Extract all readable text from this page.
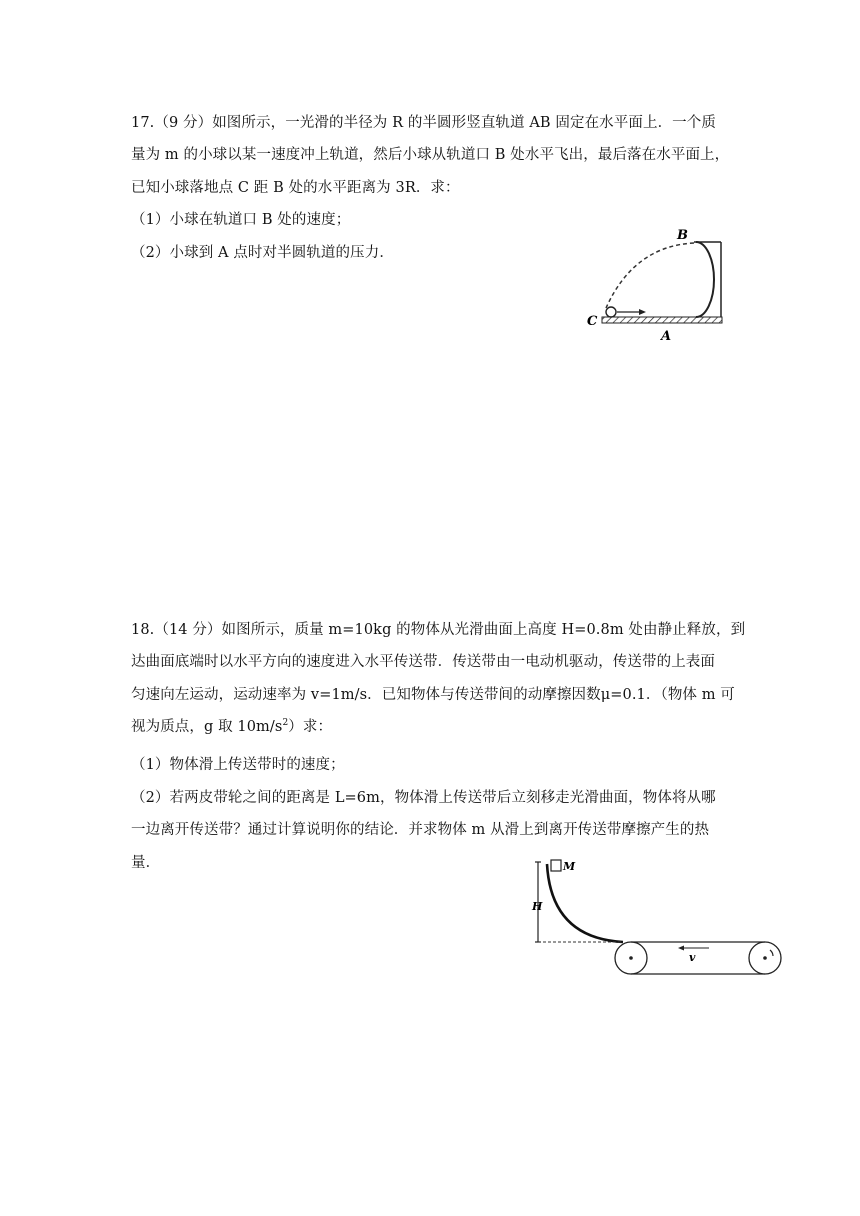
17.（9 分）如图所示，一光滑的半径为 R 的半圆形竖直轨道 AB 固定在水平面上．一个质
量为 m 的小球以某一速度冲上轨道，然后小球从轨道口 B 处水平飞出，最后落在水平面上，
已知小球落地点 C 距 B 处的水平距离为 3R．求：
（1）小球在轨道口 B 处的速度；
（2）小球到 A 点时对半圆轨道的压力．
B
C
A
18.（14 分）如图所示，质量 m=10kg 的物体从光滑曲面上高度 H=0.8m 处由静止释放，到
达曲面底端时以水平方向的速度进入水平传送带．传送带由一电动机驱动，传送带的上表面
匀速向左运动，运动速率为 v=1m/s．已知物体与传送带间的动摩擦因数μ=0.1．（物体 m 可
视为质点，g 取 $10m/s^2$）求：
（1）物体滑上传送带时的速度；
（2）若两皮带轮之间的距离是 L=6m，物体滑上传送带后立刻移走光滑曲面，物体将从哪
一边离开传送带？通过计算说明你的结论．并求物体 m 从滑上到离开传送带摩擦产生的热
量．
H
M
v
